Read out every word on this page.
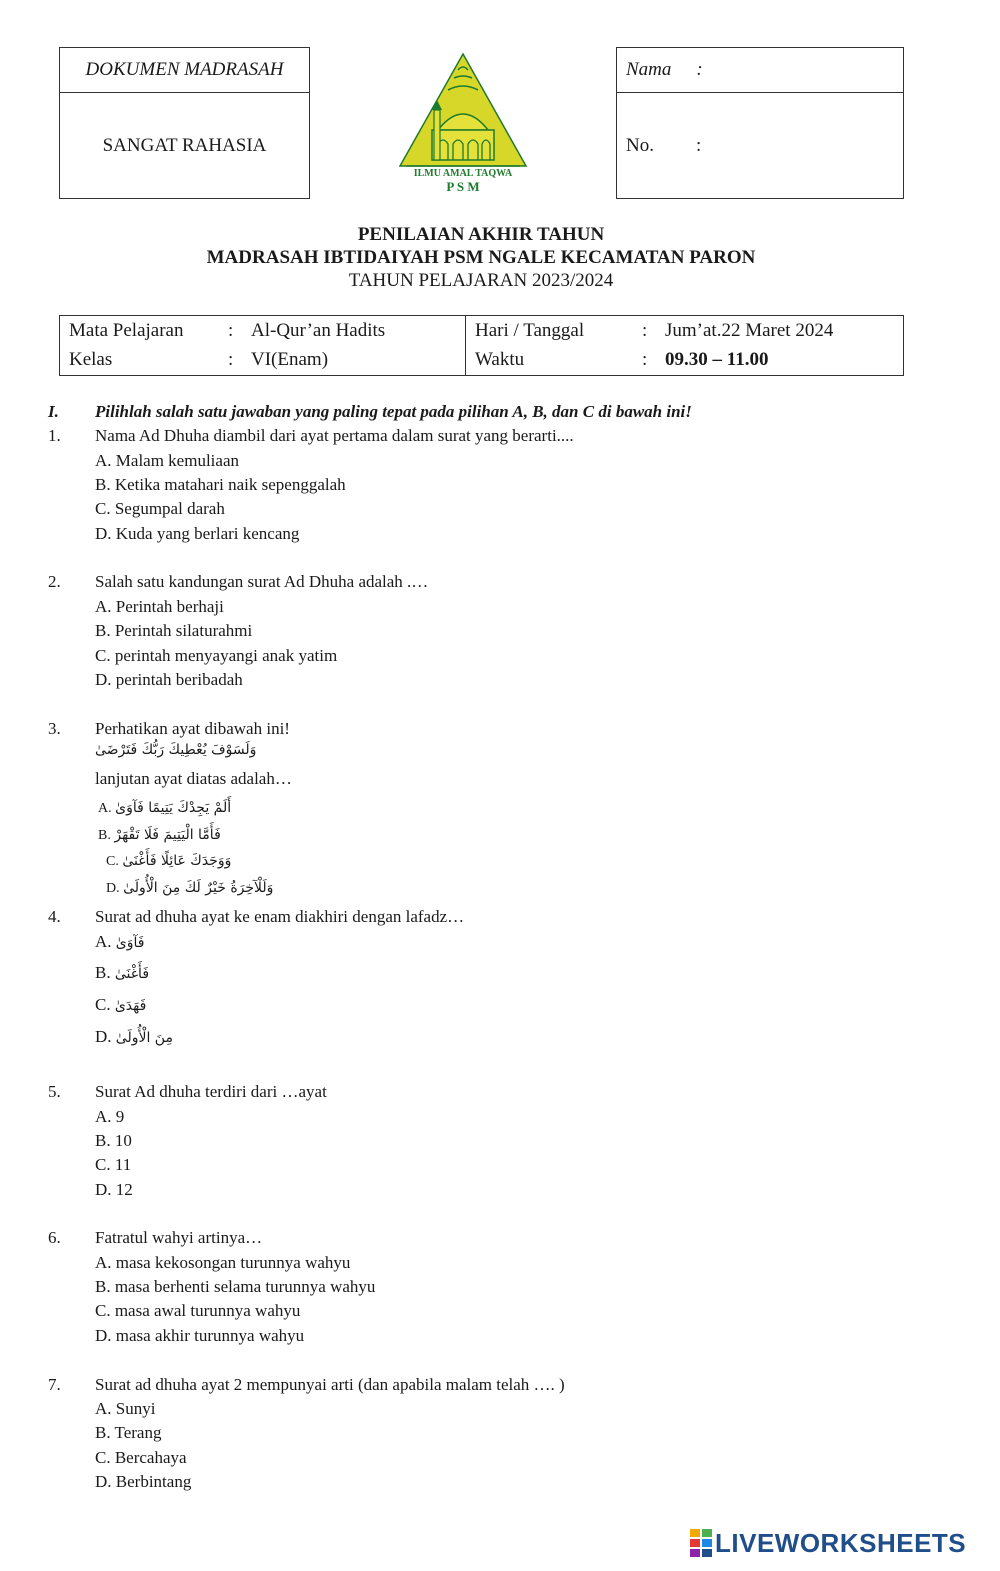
DOKUMEN MADRASAH
SANGAT RAHASIA
Nama :
No. :
ILMU AMAL TAQWA
P S M
PENILAIAN AKHIR TAHUN
MADRASAH IBTIDAIYAH PSM NGALE KECAMATAN PARON
TAHUN PELAJARAN 2023/2024
Mata Pelajaran	:	Al-Qur’an Hadits	Hari / Tanggal	:	Jum’at.22 Maret 2024
Kelas	:	VI(Enam)	Waktu	:	09.30 – 11.00
I. Pilihlah salah satu jawaban yang paling tepat pada pilihan A, B, dan C di bawah ini!
1. Nama Ad Dhuha diambil dari ayat pertama dalam surat yang berarti....
A. Malam kemuliaan
B. Ketika matahari naik sepenggalah
C. Segumpal darah
D. Kuda yang berlari kencang
2. Salah satu kandungan surat Ad Dhuha adalah .…
A. Perintah berhaji
B. Perintah silaturahmi
C. perintah menyayangi anak yatim
D. perintah beribadah
3. Perhatikan ayat dibawah ini!
وَلَسَوْفَ يُعْطِيكَ رَبُّكَ فَتَرْضَىٰ
lanjutan ayat diatas adalah…
A. أَلَمْ يَجِدْكَ يَتِيمًا فَآوَىٰ
B. فَأَمَّا الْيَتِيمَ فَلَا تَقْهَرْ
C. وَوَجَدَكَ عَائِلًا فَأَغْنَىٰ
D. وَلَلْآخِرَةُ خَيْرٌ لَكَ مِنَ الْأُولَىٰ
4. Surat ad dhuha ayat ke enam diakhiri dengan lafadz…
A. فَآوَىٰ
B. فَأَغْنَىٰ
C. فَهَدَىٰ
D. مِنَ الْأُولَىٰ
5. Surat Ad dhuha terdiri dari …ayat
A. 9
B. 10
C. 11
D. 12
6. Fatratul wahyi artinya…
A. masa kekosongan turunnya wahyu
B. masa berhenti selama turunnya wahyu
C. masa awal turunnya wahyu
D. masa akhir turunnya wahyu
7. Surat ad dhuha ayat 2 mempunyai arti (dan apabila malam telah …. )
A. Sunyi
B. Terang
C. Bercahaya
D. Berbintang
LIVEWORKSHEETS
